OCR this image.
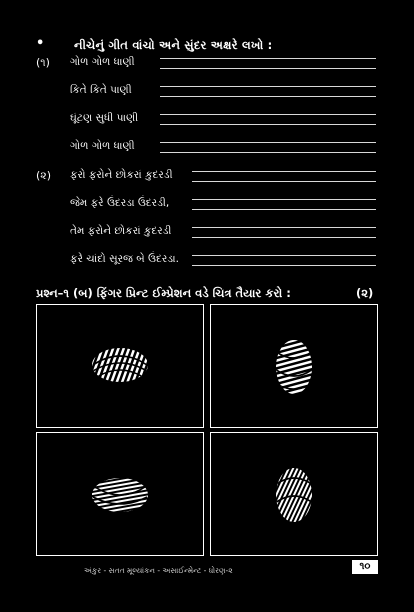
•	નીચેનું ગીત વાંચો અને સુંદર અક્ષરે લખો :
(૧) ગોળ ગોળ ધાણી
કિતે કિતે પાણી
ઘૂંટણ સુધી પાણી
ગોળ ગોળ ધાણી
(૨) ફરો ફરોને છોકરાં કુદરડી
જેમ ફરે ઉંદરડા ઉંદરડી,
તેમ ફરોને છોકરાં કુદરડી
ફરે ચાંદો સૂરજ બે ઉંદરડા.
પ્રશ્ન–૧ (બ) ફિંગર પ્રિન્ટ ઈમ્પ્રેશન વડે ચિત્ર તૈયાર કરો :	(૨)
અંકુર - સતત મૂલ્યાંકન - અસાઈન્મેન્ટ - ધોરણ-૨	૧૦
